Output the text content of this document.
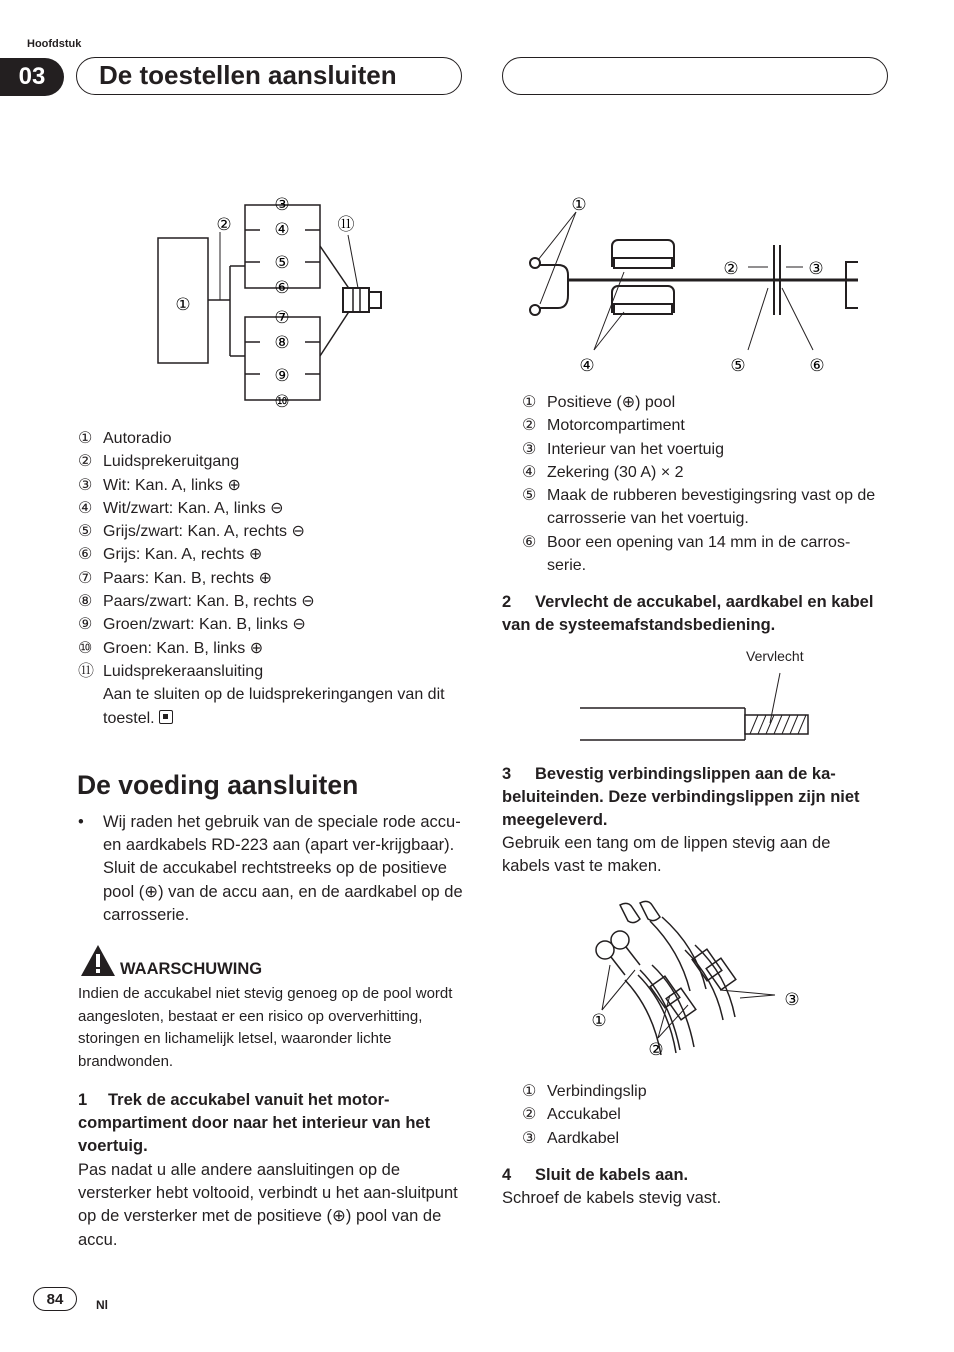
Hoofdstuk
03	De toestellen aansluiten
①
②
③
④
⑤
⑥
⑦
⑧
⑨
⑩
⑪
① Autoradio
② Luidsprekeruitgang
③ Wit: Kan. A, links ⊕
④ Wit/zwart: Kan. A, links ⊖
⑤ Grijs/zwart: Kan. A, rechts ⊖
⑥ Grijs: Kan. A, rechts ⊕
⑦ Paars: Kan. B, rechts ⊕
⑧ Paars/zwart: Kan. B, rechts ⊖
⑨ Groen/zwart: Kan. B, links ⊖
⑩ Groen: Kan. B, links ⊕
⑪ Luidsprekeraansluiting
Aan te sluiten op de luidsprekeringangen van dit toestel.
De voeding aansluiten
•	Wij raden het gebruik van de speciale rode accu- en aardkabels RD-223 aan (apart ver-krijgbaar). Sluit de accukabel rechtstreeks op de positieve pool (⊕) van de accu aan, en de aardkabel op de carrosserie.
WAARSCHUWING
Indien de accukabel niet stevig genoeg op de pool wordt aangesloten, bestaat er een risico op oververhitting, storingen en lichamelijk letsel, waaronder lichte brandwonden.
1	Trek de accukabel vanuit het motor-compartiment door naar het interieur van het voertuig.
Pas nadat u alle andere aansluitingen op de versterker hebt voltooid, verbindt u het aan-sluitpunt op de versterker met de positieve (⊕) pool van de accu.
①
②	③
④	⑤	⑥
① Positieve (⊕) pool
② Motorcompartiment
③ Interieur van het voertuig
④ Zekering (30 A) × 2
⑤ Maak de rubberen bevestigingsring vast op de carrosserie van het voertuig.
⑥ Boor een opening van 14 mm in de carros-serie.
Vervlecht de accukabel, aardkabel en kabel van de systeemafstandsbediening.
2
Vervlecht
Bevestig verbindingslippen aan de ka-beluiteinden. Deze verbindingslippen zijn niet meegeleverd.
3
Gebruik een tang om de lippen stevig aan de kabels vast te maken.
①
②
③
① Verbindingslip
② Accukabel
③ Aardkabel
4 Sluit de kabels aan.
Schroef de kabels stevig vast.
84	Nl
